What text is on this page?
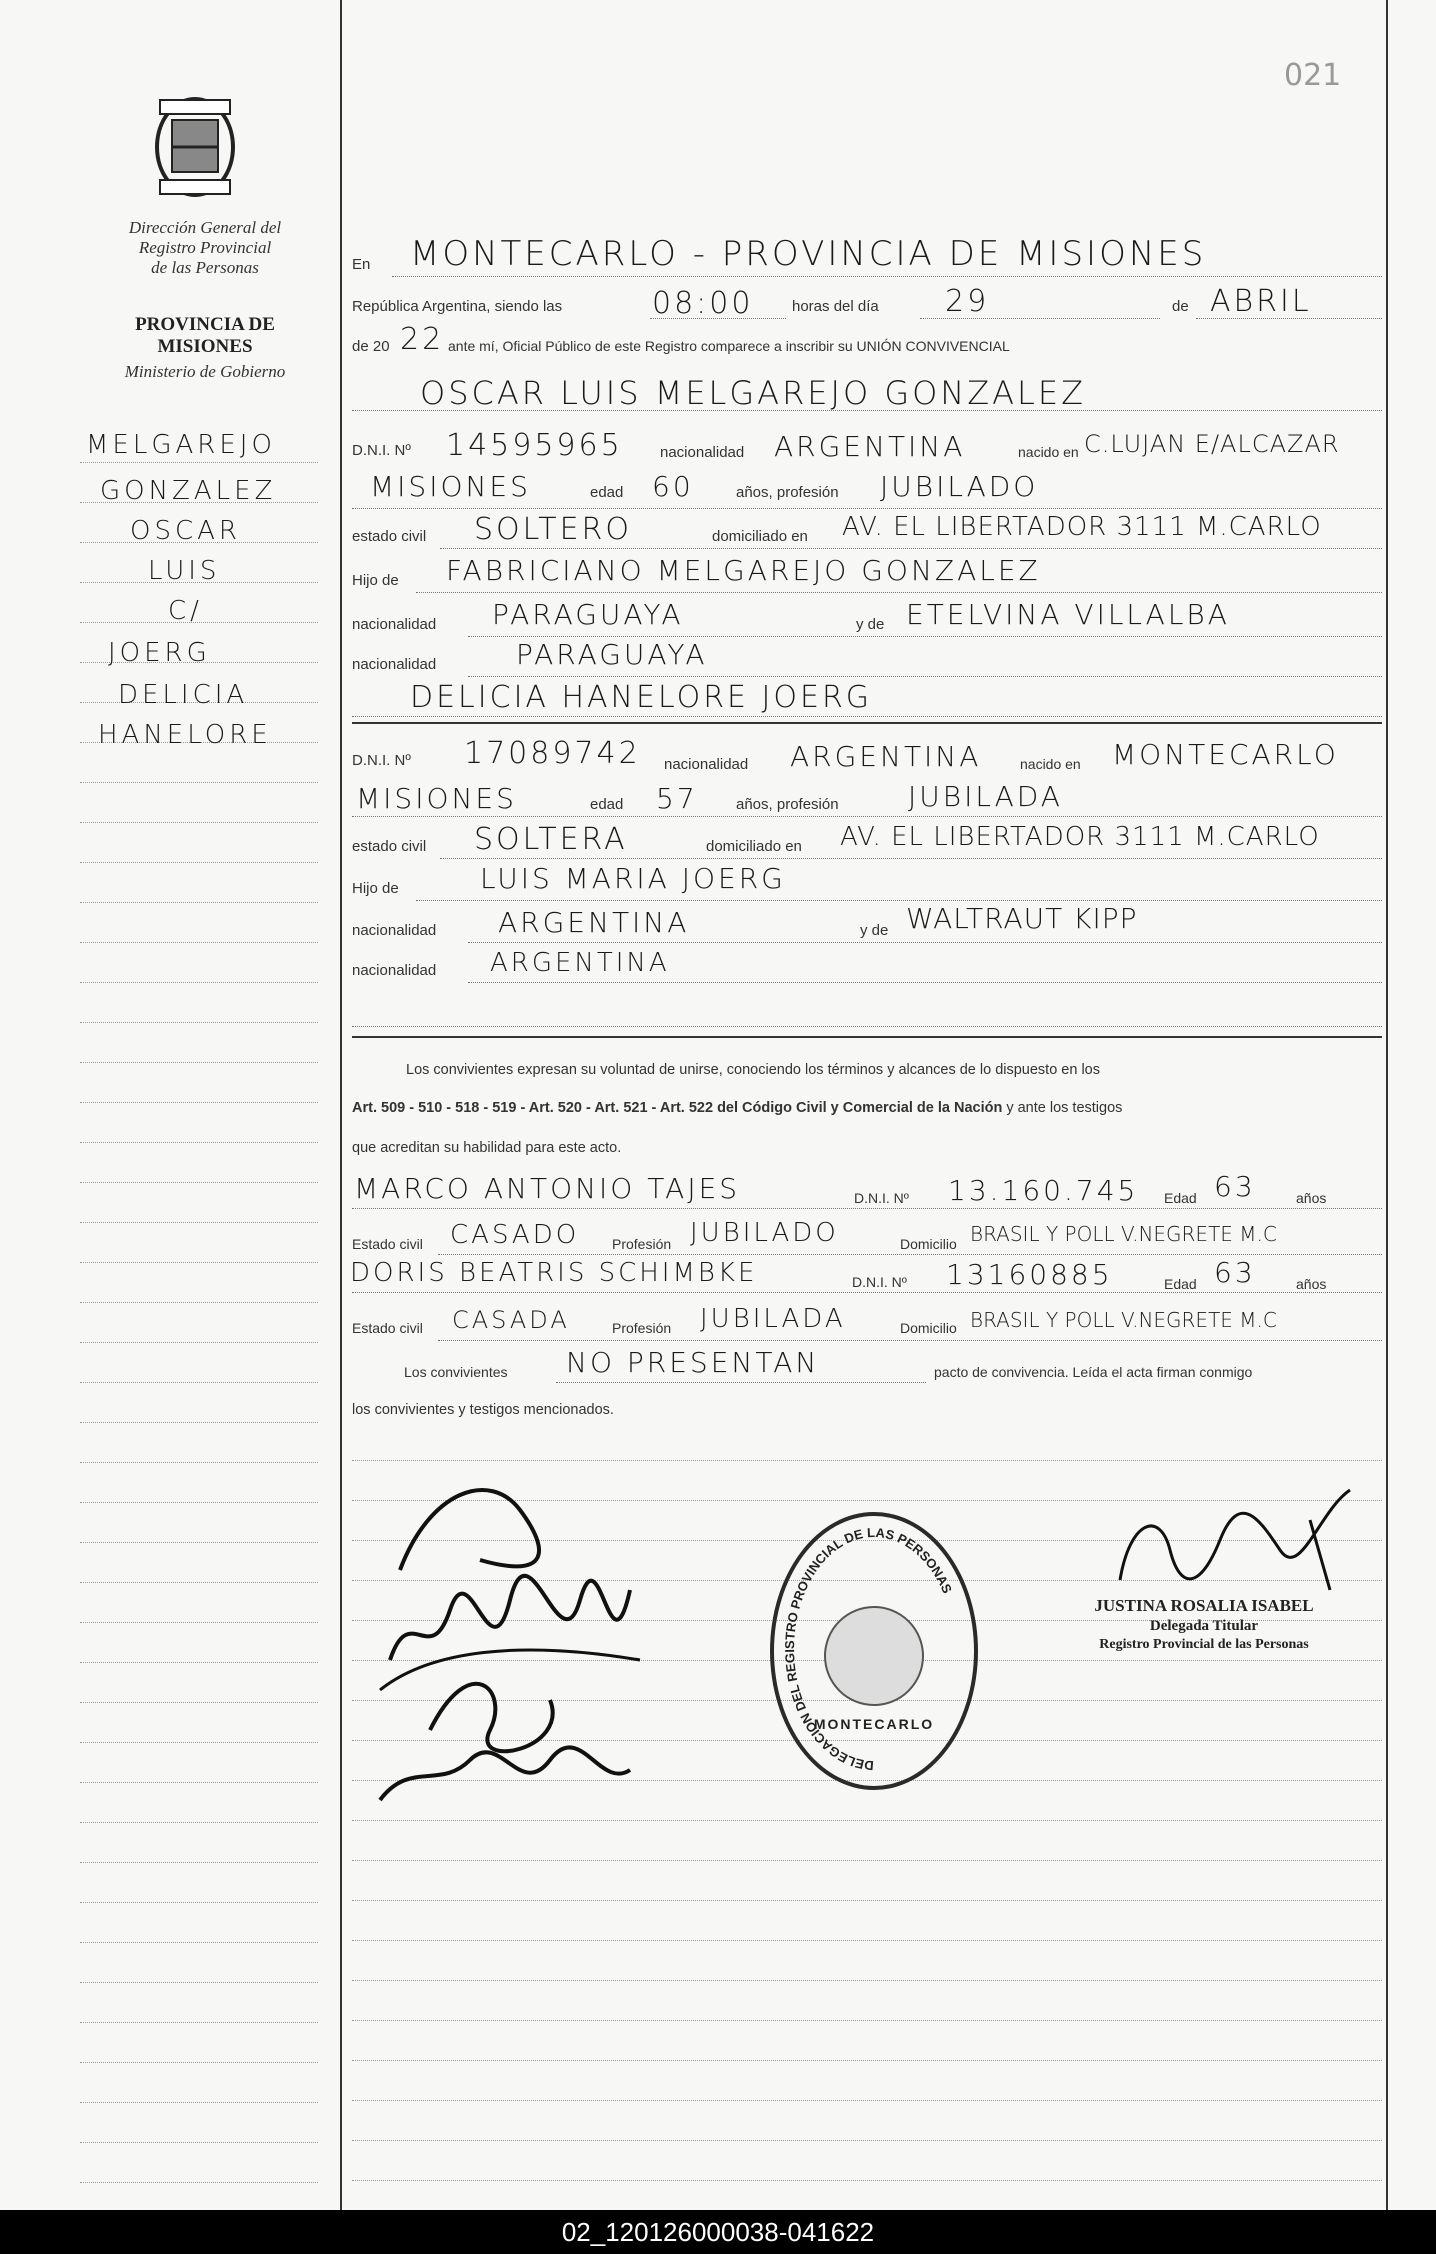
021
Dirección General del
Registro Provincial
de las Personas
PROVINCIA DE
MISIONES
Ministerio de Gobierno
MELGAREJO
GONZALEZ
OSCAR
LUIS
C/
JOERG
DELICIA
HANELORE
En MONTECARLO - PROVINCIA DE MISIONES
República Argentina, siendo las	08:00	horas del día 29	de ABRIL
de 20 22 ante mí, Oficial Público de este Registro comparece a inscribir su UNIÓN CONVIVENCIAL
OSCAR LUIS MELGAREJO GONZALEZ
D.N.I. Nº 14595965 nacionalidad ARGENTINA	nacido en C.LUJAN E/ALCAZAR
MISIONES	edad 60	años, profesión JUBILADO
estado civil SOLTERO	domiciliado en AV. EL LIBERTADOR 3111 M.CARLO
Hijo de FABRICIANO MELGAREJO GONZALEZ
nacionalidad PARAGUAYA	y de ETELVINA VILLALBA
nacionalidad	PARAGUAYA
DELICIA HANELORE JOERG
D.N.I. Nº 17089742 nacionalidad ARGENTINA	nacido en MONTECARLO
MISIONES	edad 57	años, profesión JUBILADA
estado civil SOLTERA	domiciliado en AV. EL LIBERTADOR 3111 M.CARLO
Hijo de	LUIS MARIA JOERG
nacionalidad ARGENTINA	y de WALTRAUT KIPP
nacionalidad ARGENTINA
Los convivientes expresan su voluntad de unirse, conociendo los términos y alcances de lo dispuesto en los
Art. 509 - 510 - 518 - 519 - Art. 520 - Art. 521 - Art. 522 del Código Civil y Comercial de la Nación y ante los testigos
que acreditan su habilidad para este acto.
MARCO ANTONIO TAJES	D.N.I. Nº 13.160.745 Edad 63	años
Estado civil CASADO Profesión JUBILADO	Domicilio BRASIL Y POLL V.NEGRETE M.C
DORIS BEATRIS SCHIMBKE	D.N.I. Nº 13160885	Edad 63	años
Estado civil CASADA	Profesión JUBILADA	Domicilio BRASIL Y POLL V.NEGRETE M.C
Los convivientes NO PRESENTAN	pacto de convivencia. Leída el acta firman conmigo
los convivientes y testigos mencionados.
DELEGACION DEL REGISTRO PROVINCIAL DE LAS PERSONAS
MONTECARLO
JUSTINA ROSALIA ISABEL
Delegada Titular
Registro Provincial de las Personas
02_120126000038-041622
